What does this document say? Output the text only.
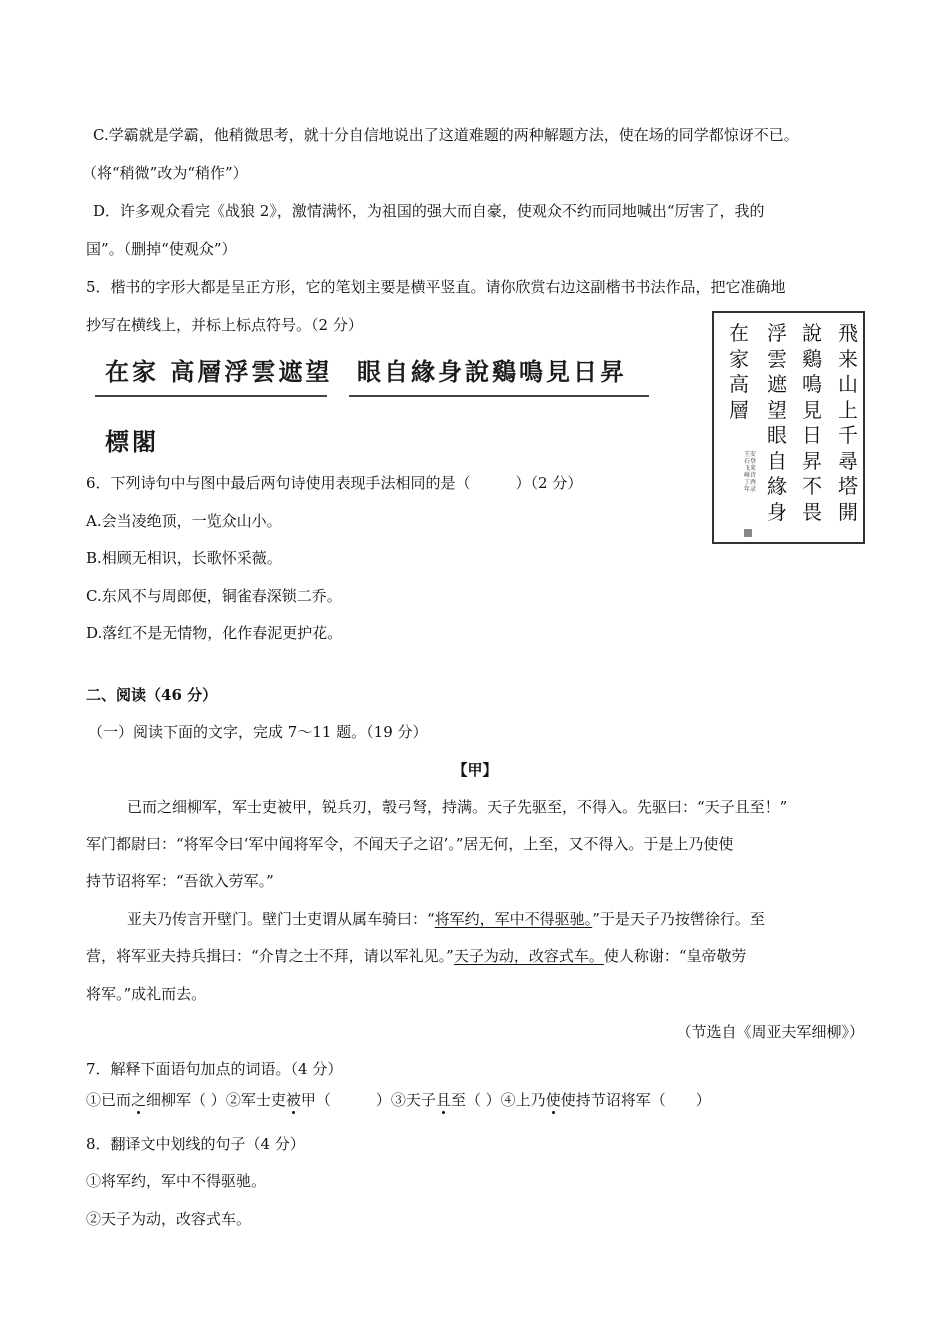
C.学霸就是学霸，他稍微思考，就十分自信地说出了这道难题的两种解题方法，使在场的同学都惊讶不已。
（将“稍微”改为“稍作”）
D．许多观众看完《战狼 2》，激情满怀，为祖国的强大而自豪，使观众不约而同地喊出“厉害了，我的
国”。（删掉“使观众”）
5．楷书的字形大都是呈正方形，它的笔划主要是横平竖直。请你欣赏右边这副楷书书法作品，把它准确地
抄写在横线上，并标上标点符号。（2 分）
在家 高層浮雲遮望 眼自緣身說鷄鳴見日昇
標閣
飛
来
山
上
千
尋
塔
開
說
鷄
鳴
見
日
昇
不
畏
浮
雲
遮
望
眼
自
緣
身
在
家
高
層
王安石登飞来峰诗丁酉年录
6．下列诗句中与图中最后两句诗使用表现手法相同的是（　　　）（2 分）
A.会当凌绝顶，一览众山小。
B.相顾无相识，长歌怀采薇。
C.东风不与周郎便，铜雀春深锁二乔。
D.落红不是无情物，化作春泥更护花。
二、阅读（46 分）
（一）阅读下面的文字，完成 7～11 题。（19 分）
【甲】
已而之细柳军，军士吏被甲，锐兵刃，彀弓弩，持满。天子先驱至，不得入。先驱曰：“天子且至！”
军门都尉曰：“将军令曰‘军中闻将军令，不闻天子之诏’。”居无何，上至，又不得入。于是上乃使使
持节诏将军：“吾欲入劳军。”
亚夫乃传言开壁门。壁门士吏谓从属车骑曰：“将军约，军中不得驱驰。”于是天子乃按辔徐行。至
营，将军亚夫持兵揖曰：“介胄之士不拜，请以军礼见。”天子为动，改容式车。使人称谢：“皇帝敬劳
将军。”成礼而去。
（节选自《周亚夫军细柳》）
7．解释下面语句加点的词语。（4 分）
①已而之细柳军（ ）②军士吏被甲（　　　）③天子且至（ ）④上乃使使持节诏将军（　　）
8．翻译文中划线的句子（4 分）
①将军约，军中不得驱驰。
②天子为动，改容式车。
